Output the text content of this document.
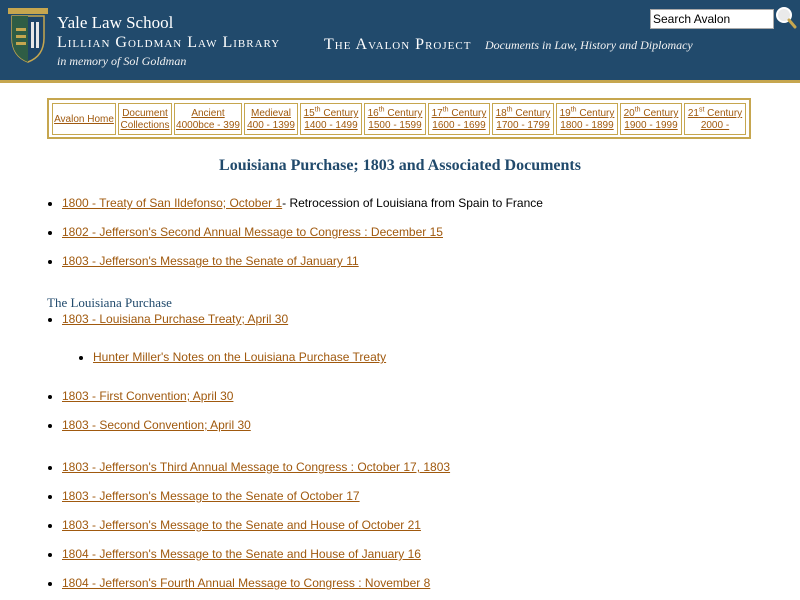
Yale Law School
Lillian Goldman Law Library
in memory of Sol Goldman
The Avalon Project Documents in Law, History and Diplomacy
Search Avalon
Avalon Home
Document
Collections
Ancient
4000bce - 399
Medieval
400 - 1399
15th Century
1400 - 1499
16th Century
1500 - 1599
17th Century
1600 - 1699
18th Century
1700 - 1799
19th Century
1800 - 1899
20th Century
1900 - 1999
21st Century
2000 -
Louisiana Purchase; 1803 and Associated Documents
1800 - Treaty of San Ildefonso; October 1- Retrocession of Louisiana from Spain to France
1802 - Jefferson's Second Annual Message to Congress : December 15
1803 - Jefferson's Message to the Senate of January 11
The Louisiana Purchase
1803 - Louisiana Purchase Treaty; April 30
Hunter Miller's Notes on the Louisiana Purchase Treaty
1803 - First Convention; April 30
1803 - Second Convention; April 30
1803 - Jefferson's Third Annual Message to Congress : October 17, 1803
1803 - Jefferson's Message to the Senate of October 17
1803 - Jefferson's Message to the Senate and House of October 21
1804 - Jefferson's Message to the Senate and House of January 16
1804 - Jefferson's Fourth Annual Message to Congress : November 8
